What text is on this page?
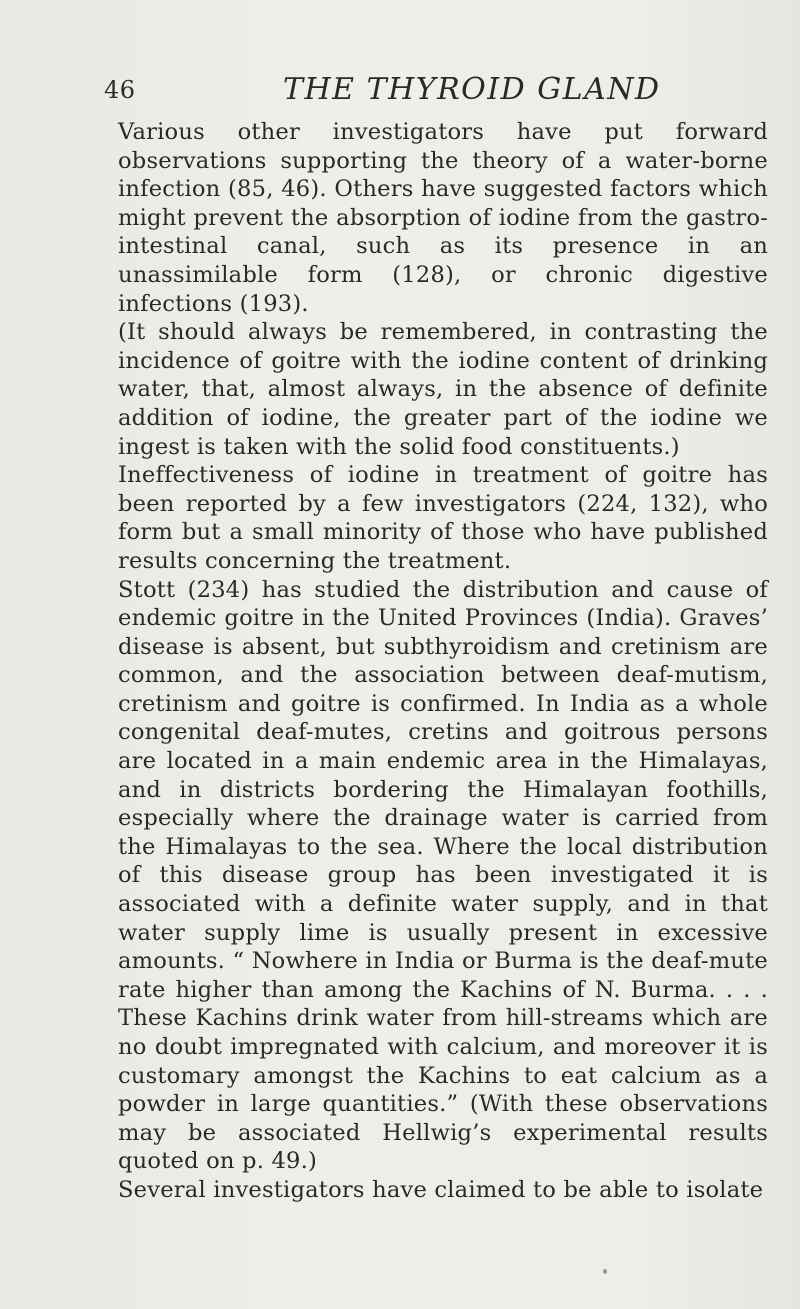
46	THE THYROID GLAND

Various other investigators have put forward observations supporting the theory of a water-borne infection (85, 46). Others have suggested factors which might prevent the absorption of iodine from the gastro-intestinal canal, such as its presence in an unassimilable form (128), or chronic digestive infections (193).

(It should always be remembered, in contrasting the incidence of goitre with the iodine content of drinking water, that, almost always, in the absence of definite addition of iodine, the greater part of the iodine we ingest is taken with the solid food constituents.)

Ineffectiveness of iodine in treatment of goitre has been reported by a few investigators (224, 132), who form but a small minority of those who have published results concerning the treatment.

Stott (234) has studied the distribution and cause of endemic goitre in the United Provinces (India). Graves’ disease is absent, but subthyroidism and cretinism are common, and the association between deaf-mutism, cretinism and goitre is confirmed. In India as a whole congenital deaf-mutes, cretins and goitrous persons are located in a main endemic area in the Himalayas, and in districts bordering the Himalayan foothills, especially where the drainage water is carried from the Himalayas to the sea. Where the local distribution of this disease group has been investigated it is associated with a definite water supply, and in that water supply lime is usually present in excessive amounts. “ Nowhere in India or Burma is the deaf-mute rate higher than among the Kachins of N. Burma. . . . These Kachins drink water from hill-streams which are no doubt impregnated with calcium, and moreover it is customary amongst the Kachins to eat calcium as a powder in large quantities.” (With these observations may be associated Hellwig’s experimental results quoted on p. 49.)

Several investigators have claimed to be able to isolate
